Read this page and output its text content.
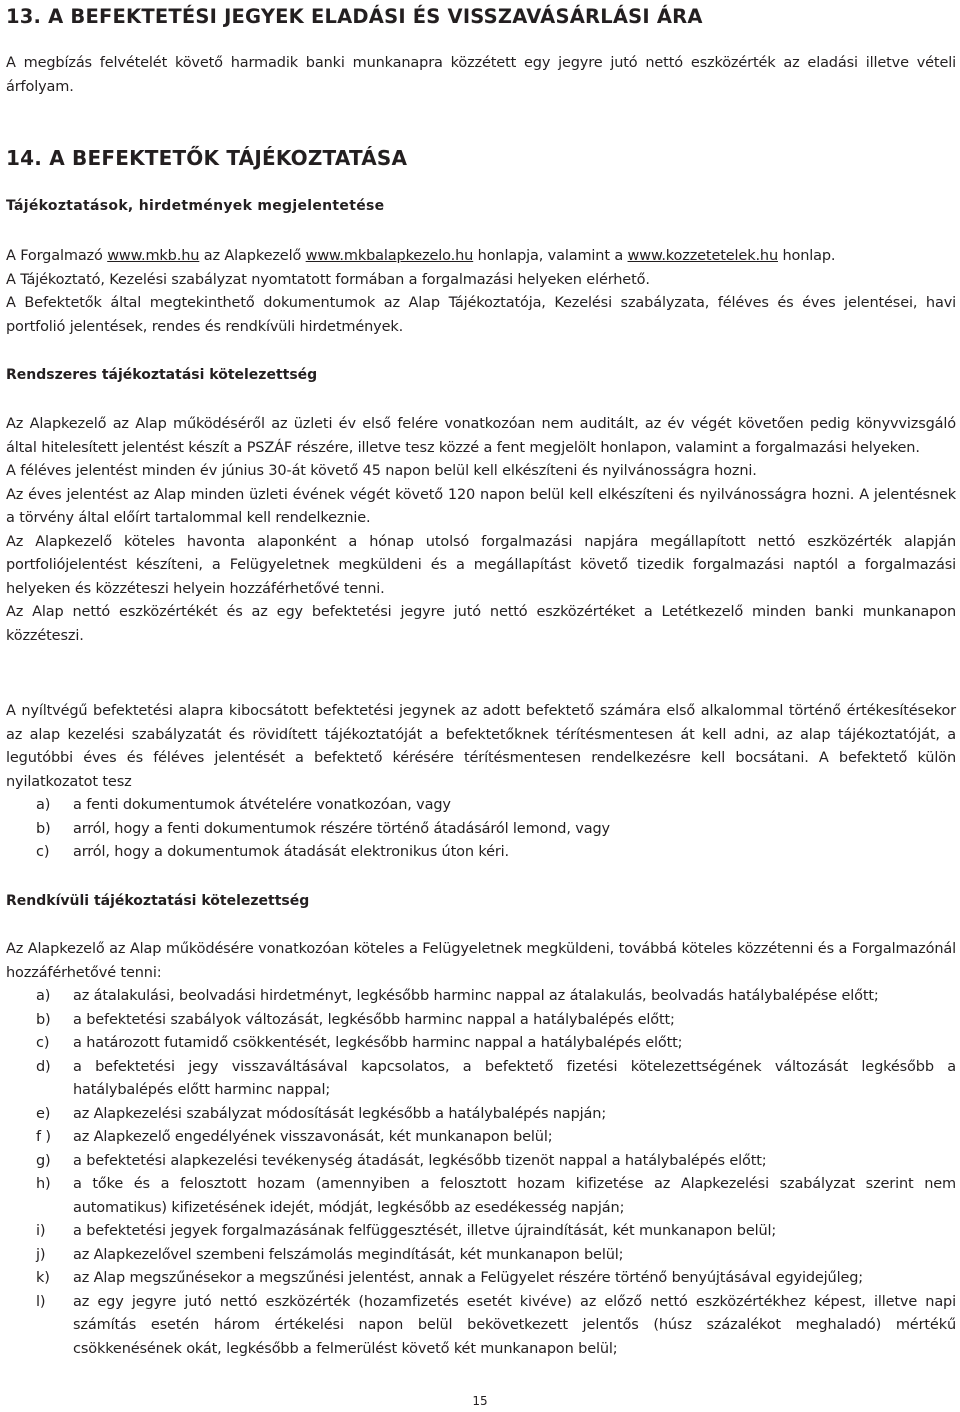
13. A BEFEKTETÉSI JEGYEK ELADÁSI ÉS VISSZAVÁSÁRLÁSI ÁRA

A megbízás felvételét követő harmadik banki munkanapra közzétett egy jegyre jutó nettó eszközérték az eladási illetve vételi árfolyam.

14. A BEFEKTETŐK TÁJÉKOZTATÁSA

Tájékoztatások, hirdetmények megjelentetése

A Forgalmazó www.mkb.hu az Alapkezelő www.mkbalapkezelo.hu honlapja, valamint a www.kozzetetelek.hu honlap.

A Tájékoztató, Kezelési szabályzat nyomtatott formában a forgalmazási helyeken elérhető.

A Befektetők által megtekinthető dokumentumok az Alap Tájékoztatója, Kezelési szabályzata, féléves és éves jelentései, havi portfolió jelentések, rendes és rendkívüli hirdetmények.

Rendszeres tájékoztatási kötelezettség

Az Alapkezelő az Alap működéséről az üzleti év első felére vonatkozóan nem auditált, az év végét követően pedig könyvvizsgáló által hitelesített jelentést készít a PSZÁF részére, illetve tesz közzé a fent megjelölt honlapon, valamint a forgalmazási helyeken.

A féléves jelentést minden év június 30-át követő 45 napon belül kell elkészíteni és nyilvánosságra hozni.

Az éves jelentést az Alap minden üzleti évének végét követő 120 napon belül kell elkészíteni és nyilvánosságra hozni. A jelentésnek a törvény által előírt tartalommal kell rendelkeznie.

Az Alapkezelő köteles havonta alaponként a hónap utolsó forgalmazási napjára megállapított nettó eszközérték alapján portfoliójelentést készíteni, a Felügyeletnek megküldeni és a megállapítást követő tizedik forgalmazási naptól a forgalmazási helyeken és közzéteszi helyein hozzáférhetővé tenni.

Az Alap nettó eszközértékét és az egy befektetési jegyre jutó nettó eszközértéket a Letétkezelő minden banki munkanapon közzéteszi.

A nyíltvégű befektetési alapra kibocsátott befektetési jegynek az adott befektető számára első alkalommal történő értékesítésekor az alap kezelési szabályzatát és rövidített tájékoztatóját a befektetőknek térítésmentesen át kell adni, az alap tájékoztatóját, a legutóbbi éves és féléves jelentését a befektető kérésére térítésmentesen rendelkezésre kell bocsátani. A befektető külön nyilatkozatot tesz

a) a fenti dokumentumok átvételére vonatkozóan, vagy
b) arról, hogy a fenti dokumentumok részére történő átadásáról lemond, vagy
c) arról, hogy a dokumentumok átadását elektronikus úton kéri.

Rendkívüli tájékoztatási kötelezettség

Az Alapkezelő az Alap működésére vonatkozóan köteles a Felügyeletnek megküldeni, továbbá köteles közzétenni és a Forgalmazónál hozzáférhetővé tenni:

a) az átalakulási, beolvadási hirdetményt, legkésőbb harminc nappal az átalakulás, beolvadás hatálybalépése előtt;
b) a befektetési szabályok változását, legkésőbb harminc nappal a hatálybalépés előtt;
c) a határozott futamidő csökkentését, legkésőbb harminc nappal a hatálybalépés előtt;
d) a befektetési jegy visszaváltásával kapcsolatos, a befektető fizetési kötelezettségének változását legkésőbb a hatálybalépés előtt harminc nappal;
e) az Alapkezelési szabályzat módosítását legkésőbb a hatálybalépés napján;
f ) az Alapkezelő engedélyének visszavonását, két munkanapon belül;
g) a befektetési alapkezelési tevékenység átadását, legkésőbb tizenöt nappal a hatálybalépés előtt;
h) a tőke és a felosztott hozam (amennyiben a felosztott hozam kifizetése az Alapkezelési szabályzat szerint nem automatikus) kifizetésének idejét, módját, legkésőbb az esedékesség napján;
i) a befektetési jegyek forgalmazásának felfüggesztését, illetve újraindítását, két munkanapon belül;
j) az Alapkezelővel szembeni felszámolás megindítását, két munkanapon belül;
k) az Alap megszűnésekor a megszűnési jelentést, annak a Felügyelet részére történő benyújtásával egyidejűleg;
l) az egy jegyre jutó nettó eszközérték (hozamfizetés esetét kivéve) az előző nettó eszközértékhez képest, illetve napi számítás esetén három értékelési napon belül bekövetkezett jelentős (húsz százalékot meghaladó) mértékű csökkenésének okát, legkésőbb a felmerülést követő két munkanapon belül;
15
